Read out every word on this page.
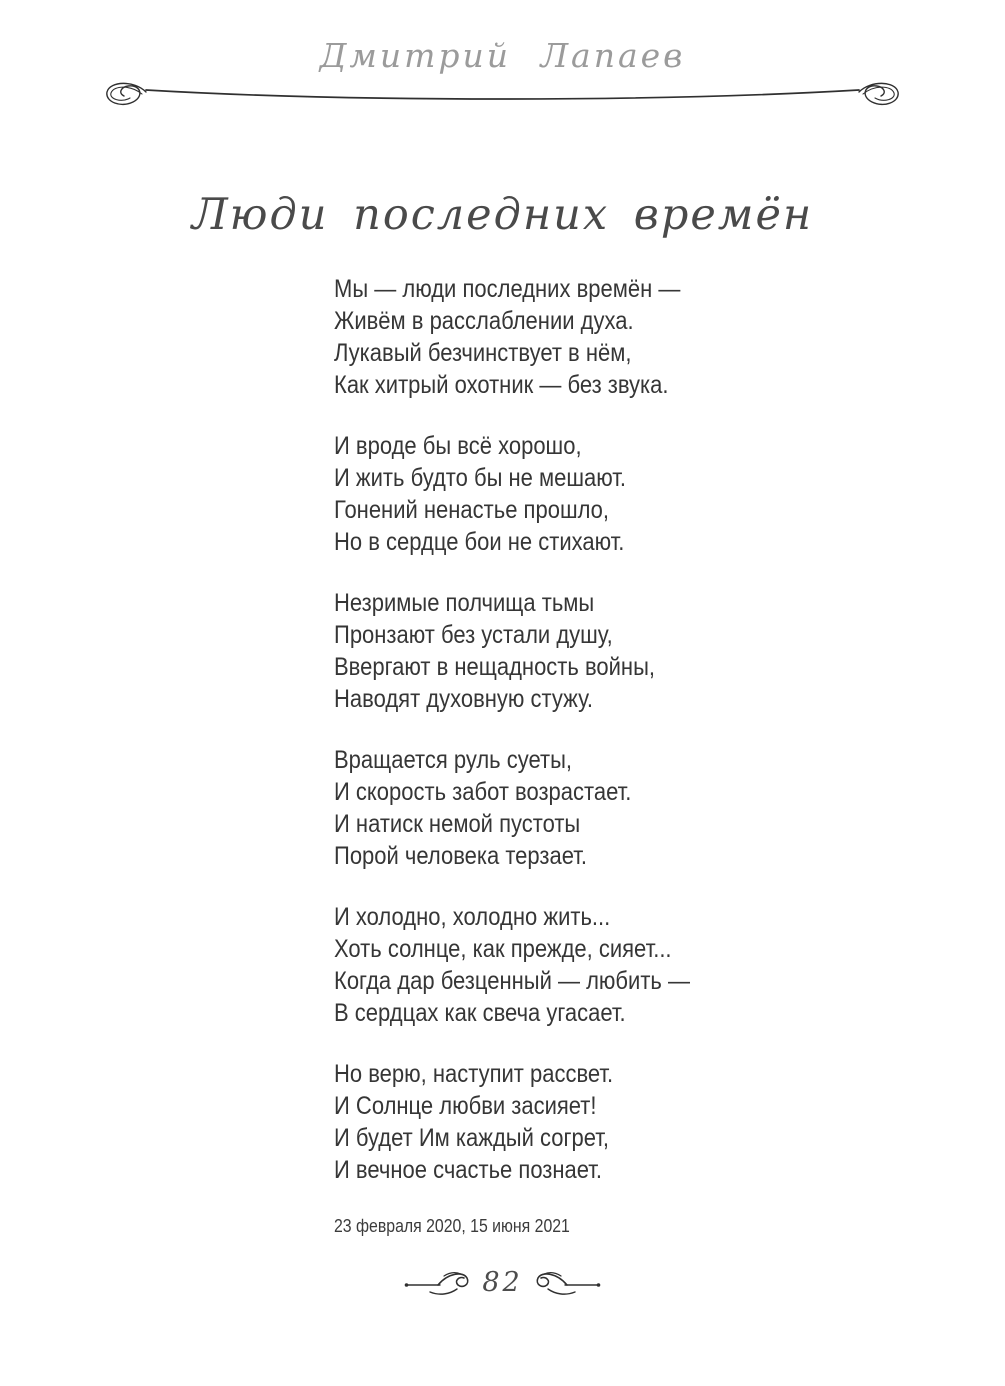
Дмитрий Лапаев
Люди последних времён
Мы — люди последних времён —
Живём в расслаблении духа.
Лукавый безчинствует в нём,
Как хитрый охотник — без звука.
И вроде бы всё хорошо,
И жить будто бы не мешают.
Гонений ненастье прошло,
Но в сердце бои не стихают.
Незримые полчища тьмы
Пронзают без устали душу,
Ввергают в нещадность войны,
Наводят духовную стужу.
Вращается руль суеты,
И скорость забот возрастает.
И натиск немой пустоты
Порой человека терзает.
И холодно, холодно жить...
Хоть солнце, как прежде, сияет...
Когда дар безценный — любить —
В сердцах как свеча угасает.
Но верю, наступит рассвет.
И Солнце любви засияет!
И будет Им каждый согрет,
И вечное счастье познает.
23 февраля 2020, 15 июня 2021
82
